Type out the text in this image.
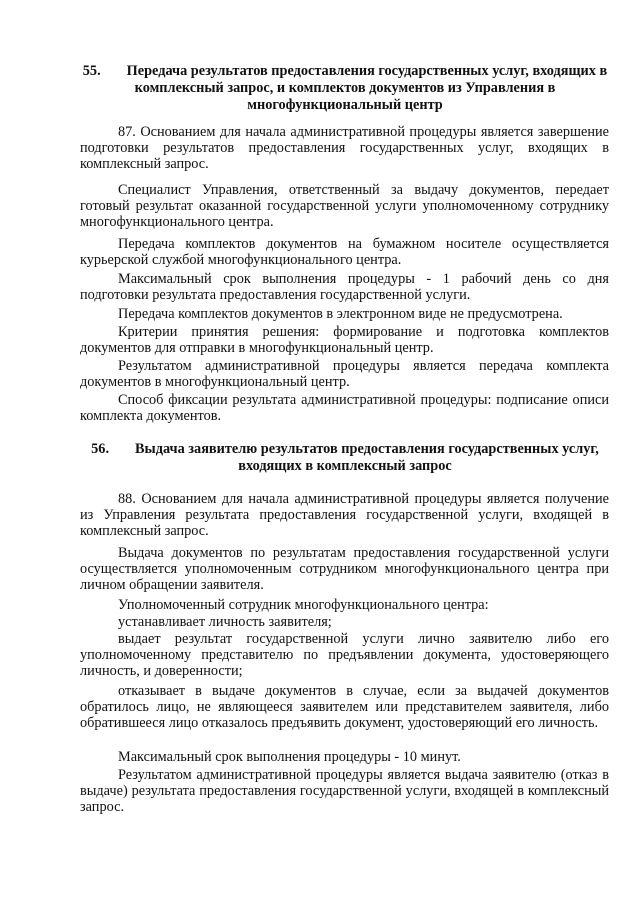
55. Передача результатов предоставления государственных услуг, входящих в комплексный запрос, и комплектов документов из Управления в многофункциональный центр

87. Основанием для начала административной процедуры является завершение подготовки результатов предоставления государственных услуг, входящих в комплексный запрос.

Специалист Управления, ответственный за выдачу документов, передает готовый результат оказанной государственной услуги уполномоченному сотруднику многофункционального центра.

Передача комплектов документов на бумажном носителе осуществляется курьерской службой многофункционального центра.

Максимальный срок выполнения процедуры - 1 рабочий день со дня подготовки результата предоставления государственной услуги.

Передача комплектов документов в электронном виде не предусмотрена.

Критерии принятия решения: формирование и подготовка комплектов документов для отправки в многофункциональный центр.

Результатом административной процедуры является передача комплекта документов в многофункциональный центр.

Способ фиксации результата административной процедуры: подписание описи комплекта документов.

56. Выдача заявителю результатов предоставления государственных услуг, входящих в комплексный запрос

88. Основанием для начала административной процедуры является получение из Управления результата предоставления государственной услуги, входящей в комплексный запрос.

Выдача документов по результатам предоставления государственной услуги осуществляется уполномоченным сотрудником многофункционального центра при личном обращении заявителя.

Уполномоченный сотрудник многофункционального центра:

устанавливает личность заявителя;

выдает результат государственной услуги лично заявителю либо его уполномоченному представителю по предъявлении документа, удостоверяющего личность, и доверенности;

отказывает в выдаче документов в случае, если за выдачей документов обратилось лицо, не являющееся заявителем или представителем заявителя, либо обратившееся лицо отказалось предъявить документ, удостоверяющий его личность.

Максимальный срок выполнения процедуры - 10 минут.

Результатом административной процедуры является выдача заявителю (отказ в выдаче) результата предоставления государственной услуги, входящей в комплексный запрос.
